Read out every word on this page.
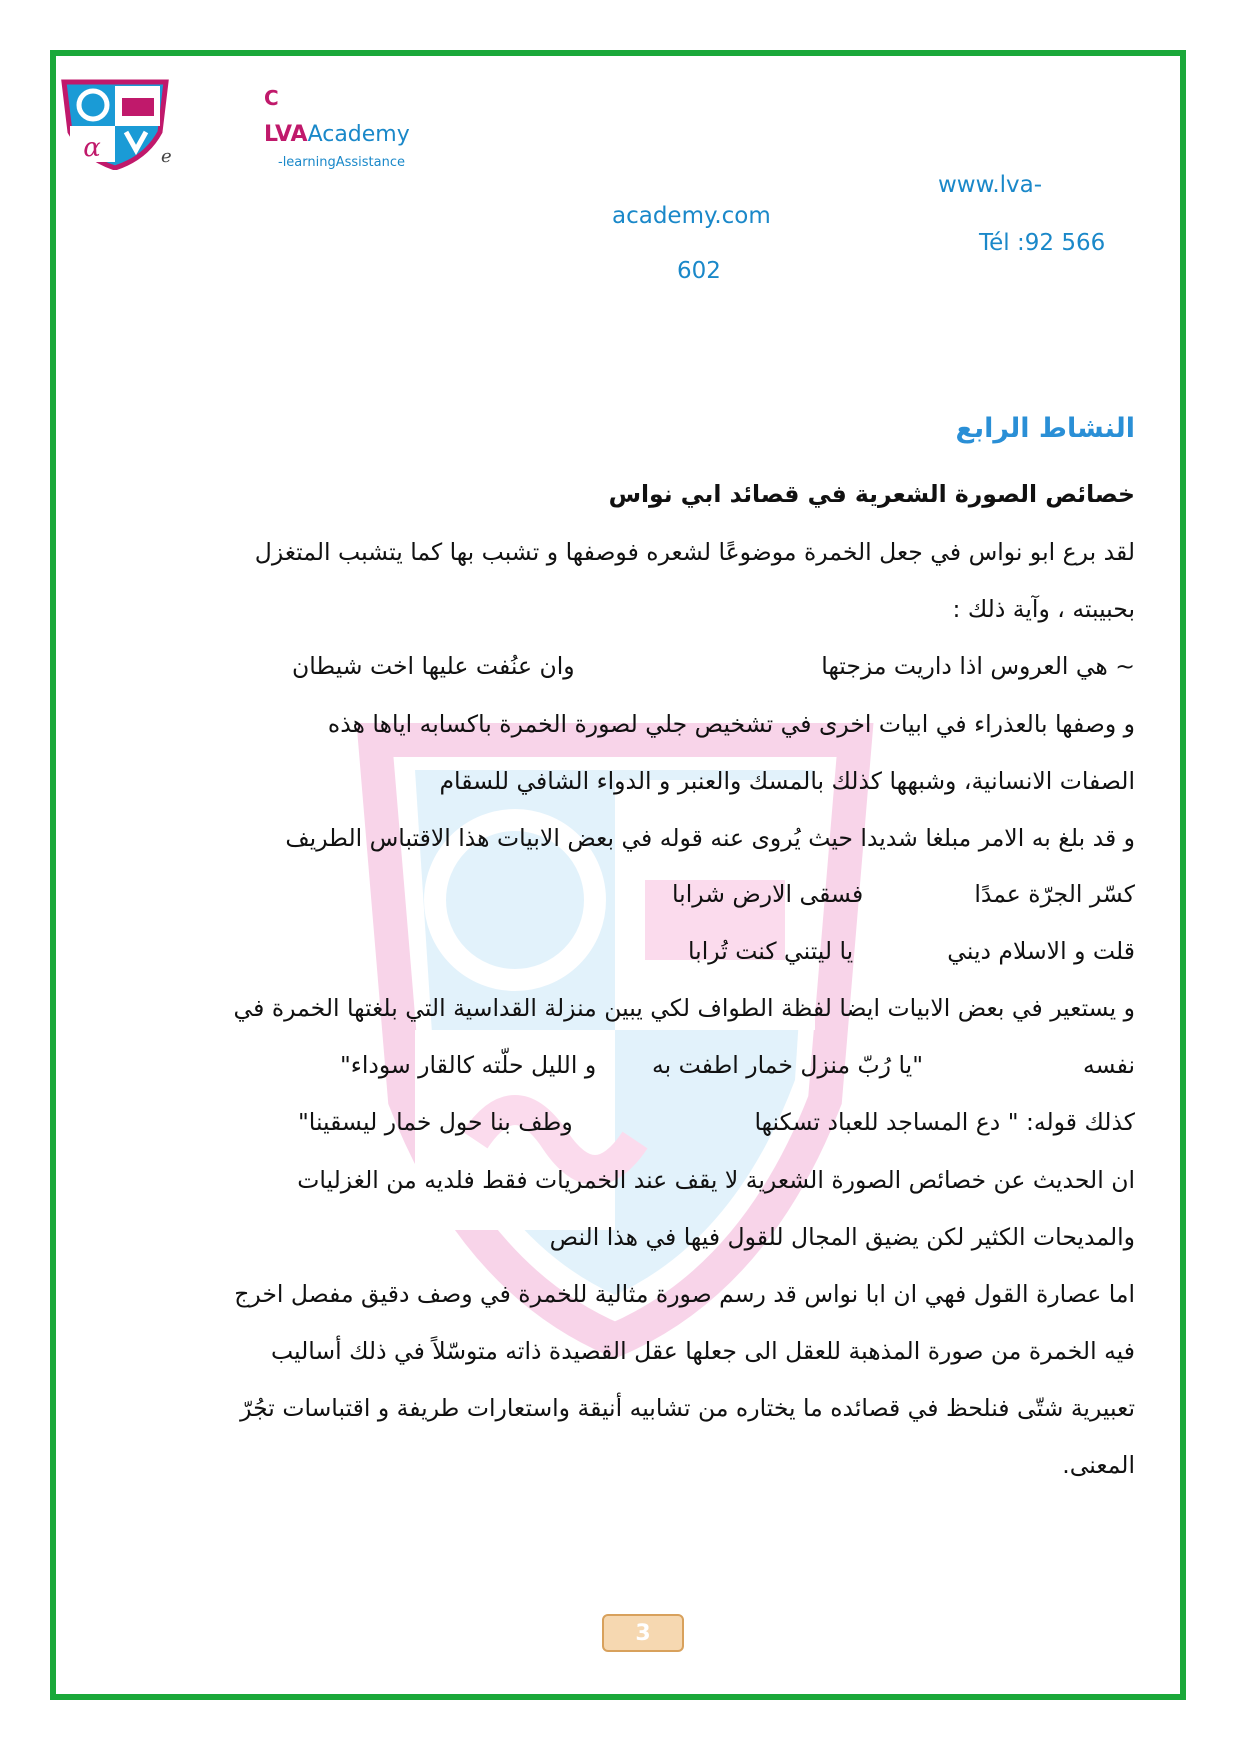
α	e
C
LVAAcademy
-learningAssistance
www.lva-
academy.com
Tél :92 566
602
النشاط الرابع
خصائص الصورة الشعرية في قصائد ابي نواس
لقد برع ابو نواس في جعل الخمرة موضوعًا لشعره فوصفها و تشبب بها كما يتشبب المتغزل
بحبيبته ، وآية ذلك :
~ هي العروس اذا داريت مزجتها
وان عنُفت عليها اخت شيطان
و وصفها بالعذراء في ابيات اخرى في تشخيص جلي لصورة الخمرة باكسابه اياها هذه
الصفات الانسانية، وشبهها كذلك بالمسك والعنبر و الدواء الشافي للسقام
و قد بلغ به الامر مبلغا شديدا حيث يُروى عنه قوله في بعض الابيات هذا الاقتباس الطريف
كسّر الجرّة عمدًا
فسقى الارض شرابا
قلت و الاسلام ديني
يا ليتني كنت تُرابا
و يستعير في بعض الابيات ايضا لفظة الطواف لكي يبين منزلة القداسية التي بلغتها الخمرة في
نفسه
"يا رُبّ منزل خمار اطفت به
و الليل حلّته كالقار سوداء"
كذلك قوله: " دع المساجد للعباد تسكنها
وطف بنا حول خمار ليسقينا"
ان الحديث عن خصائص الصورة الشعرية لا يقف عند الخمريات فقط فلديه من الغزليات
والمديحات الكثير لكن يضيق المجال للقول فيها في هذا النص
اما عصارة القول فهي ان ابا نواس قد رسم صورة مثالية للخمرة في وصف دقيق مفصل اخرج
فيه الخمرة من صورة المذهبة للعقل الى جعلها عقل القصيدة ذاته متوسّلاً في ذلك أساليب
تعبيرية شتّى فنلحظ في قصائده ما يختاره من تشابيه أنيقة واستعارات طريفة و اقتباسات تجُرّ
المعنى.
3
